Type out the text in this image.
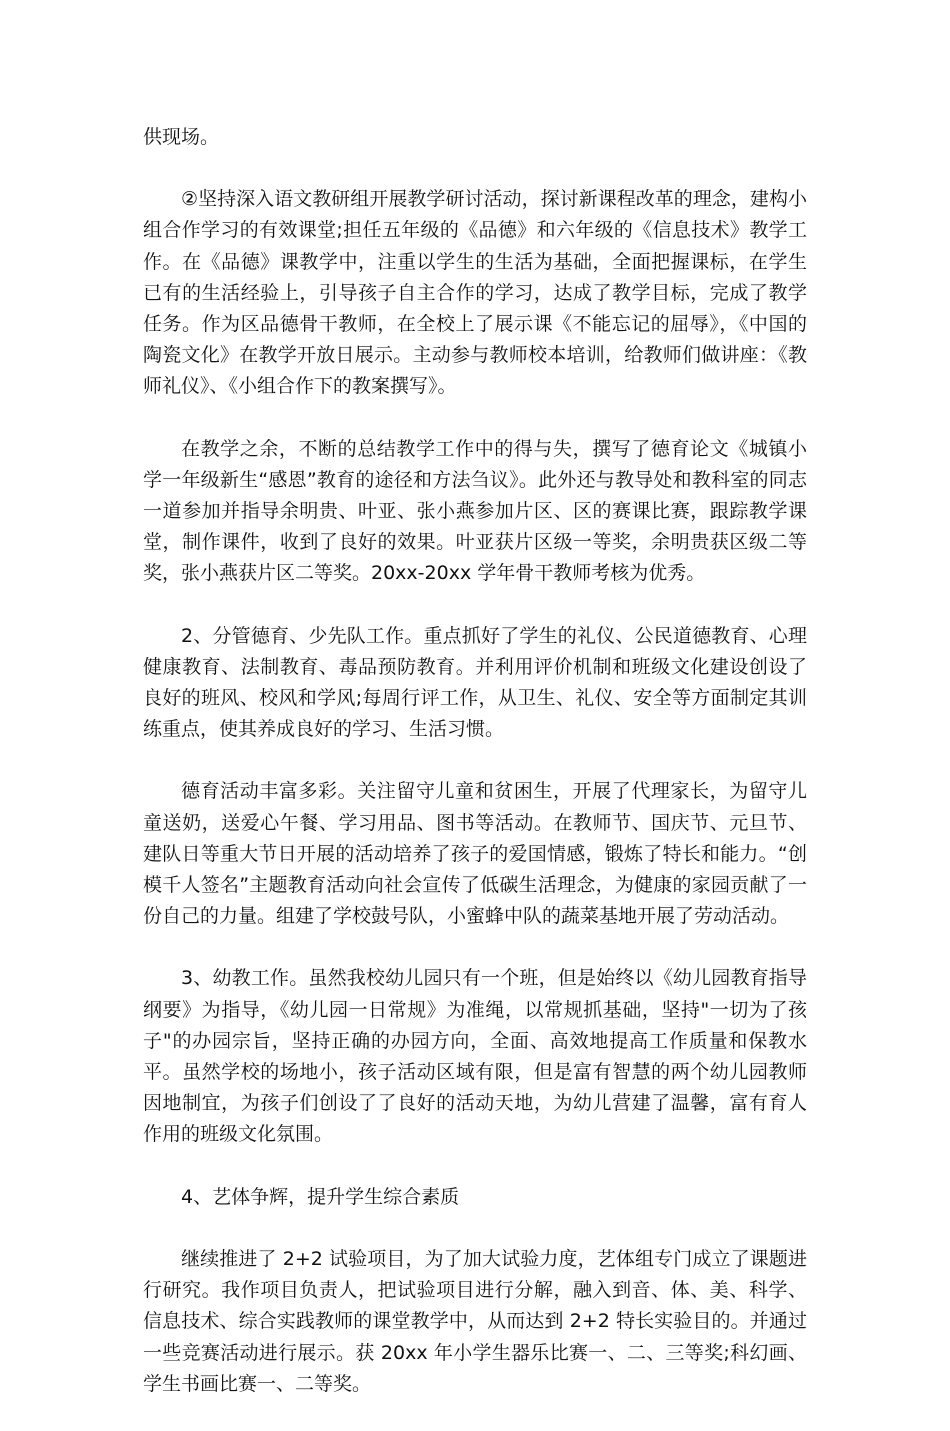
供现场。

②坚持深入语文教研组开展教学研讨活动，探讨新课程改革的理念，建构小组合作学习的有效课堂;担任五年级的《品德》和六年级的《信息技术》教学工作。在《品德》课教学中，注重以学生的生活为基础，全面把握课标，在学生已有的生活经验上，引导孩子自主合作的学习，达成了教学目标，完成了教学任务。作为区品德骨干教师，在全校上了展示课《不能忘记的屈辱》，《中国的陶瓷文化》在教学开放日展示。主动参与教师校本培训，给教师们做讲座：《教师礼仪》、《小组合作下的教案撰写》。

在教学之余，不断的总结教学工作中的得与失，撰写了德育论文《城镇小学一年级新生“感恩”教育的途径和方法刍议》。此外还与教导处和教科室的同志一道参加并指导余明贵、叶亚、张小燕参加片区、区的赛课比赛，跟踪教学课堂，制作课件，收到了良好的效果。叶亚获片区级一等奖，余明贵获区级二等奖，张小燕获片区二等奖。20xx-20xx 学年骨干教师考核为优秀。

2、分管德育、少先队工作。重点抓好了学生的礼仪、公民道德教育、心理健康教育、法制教育、毒品预防教育。并利用评价机制和班级文化建设创设了良好的班风、校风和学风;每周行评工作，从卫生、礼仪、安全等方面制定其训练重点，使其养成良好的学习、生活习惯。

德育活动丰富多彩。关注留守儿童和贫困生，开展了代理家长，为留守儿童送奶，送爱心午餐、学习用品、图书等活动。在教师节、国庆节、元旦节、建队日等重大节日开展的活动培养了孩子的爱国情感，锻炼了特长和能力。“创模千人签名”主题教育活动向社会宣传了低碳生活理念，为健康的家园贡献了一份自己的力量。组建了学校鼓号队，小蜜蜂中队的蔬菜基地开展了劳动活动。

3、幼教工作。虽然我校幼儿园只有一个班，但是始终以《幼儿园教育指导纲要》为指导，《幼儿园一日常规》为准绳，以常规抓基础，坚持"一切为了孩子"的办园宗旨，坚持正确的办园方向，全面、高效地提高工作质量和保教水平。虽然学校的场地小，孩子活动区域有限，但是富有智慧的两个幼儿园教师因地制宜，为孩子们创设了了良好的活动天地，为幼儿营建了温馨，富有育人作用的班级文化氛围。

4、艺体争辉，提升学生综合素质

继续推进了 2+2 试验项目，为了加大试验力度，艺体组专门成立了课题进行研究。我作项目负责人，把试验项目进行分解，融入到音、体、美、科学、信息技术、综合实践教师的课堂教学中，从而达到 2+2 特长实验目的。并通过一些竞赛活动进行展示。获 20xx 年小学生器乐比赛一、二、三等奖;科幻画、学生书画比赛一、二等奖。
